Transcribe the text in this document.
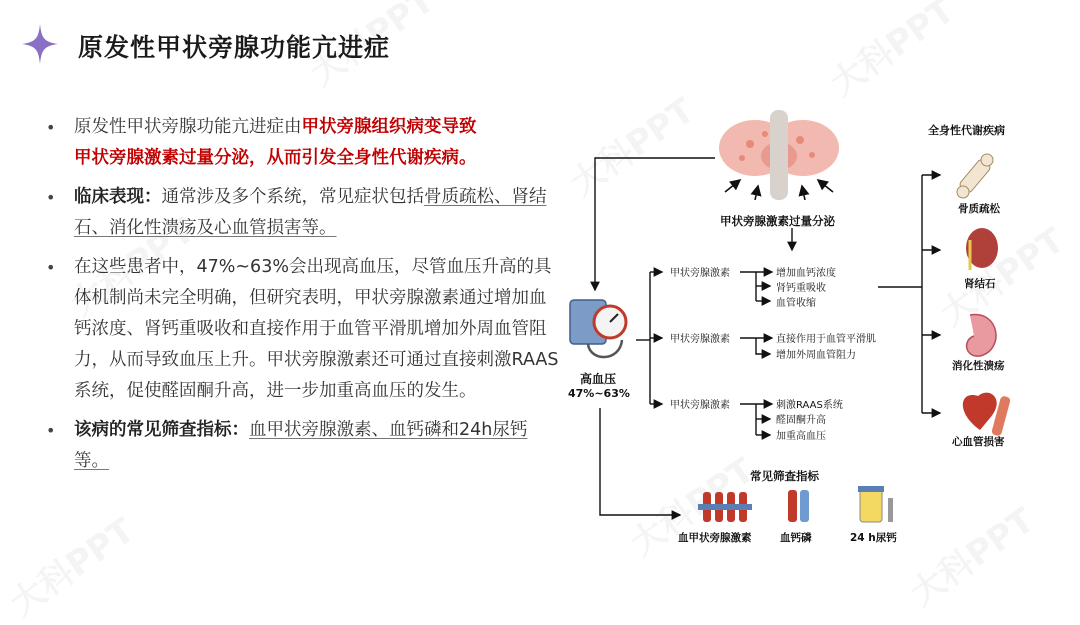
原发性甲状旁腺功能亢进症
• 原发性甲状旁腺功能亢进症由甲状旁腺组织病变导致
甲状旁腺激素过量分泌，从而引发全身性代谢疾病。
• 临床表现：通常涉及多个系统，常见症状包括骨质疏松、肾结石、消化性溃疡及心血管损害等。
• 在这些患者中，47%~63%会出现高血压，尽管血压升高的具体机制尚未完全明确，但研究表明，甲状旁腺激素通过增加血钙浓度、肾钙重吸收和直接作用于血管平滑肌增加外周血管阻力，从而导致血压上升。甲状旁腺激素还可通过直接刺激RAAS系统，促使醛固酮升高，进一步加重高血压的发生。
• 该病的常见筛查指标：血甲状旁腺激素、血钙磷和24h尿钙等。
甲状旁腺激素过量分泌
全身性代谢疾病
高血压
47%~63%
甲状旁腺激素
甲状旁腺激素
甲状旁腺激素
增加血钙浓度
肾钙重吸收
血管收缩
直接作用于血管平滑肌
增加外周血管阻力
刺激RAAS系统
醛固酮升高
加重高血压
骨质疏松
肾结石
消化性溃疡
心血管损害
常见筛查指标
血甲状旁腺激素	血钙磷	24 h尿钙
